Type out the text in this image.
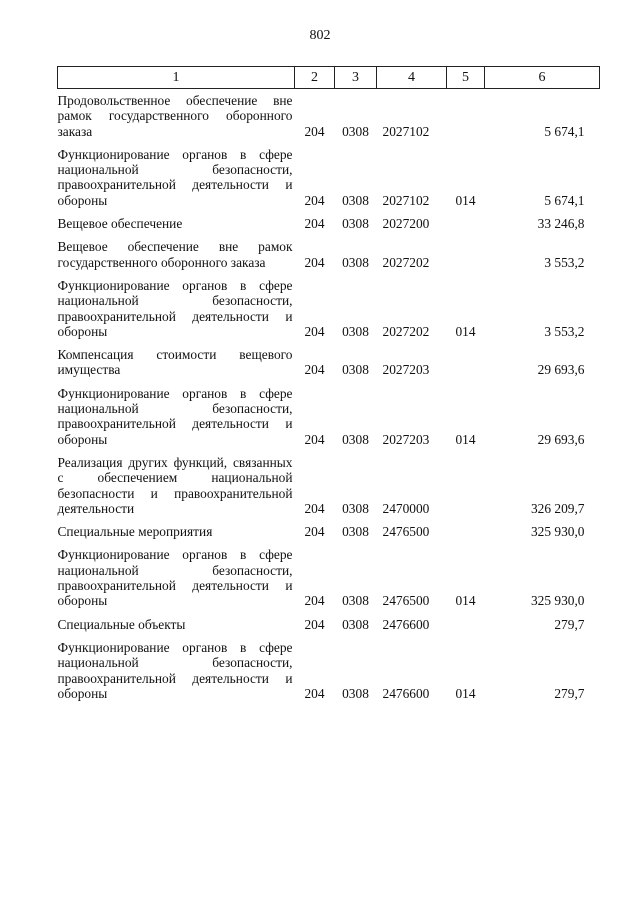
802
1	2	3	4	5	6
Продовольственное обеспечение вне рамок государственного оборонного заказа	204	0308	2027102		5 674,1
Функционирование органов в сфере национальной безопасности, правоохранительной деятельности и обороны	204	0308	2027102	014	5 674,1
Вещевое обеспечение	204	0308	2027200		33 246,8
Вещевое обеспечение вне рамок государственного оборонного заказа	204	0308	2027202		3 553,2
Функционирование органов в сфере национальной безопасности, правоохранительной деятельности и обороны	204	0308	2027202	014	3 553,2
Компенсация стоимости вещевого имущества	204	0308	2027203		29 693,6
Функционирование органов в сфере национальной безопасности, правоохранительной деятельности и обороны	204	0308	2027203	014	29 693,6
Реализация других функций, связанных с обеспечением национальной безопасности и правоохранительной деятельности	204	0308	2470000		326 209,7
Специальные мероприятия	204	0308	2476500		325 930,0
Функционирование органов в сфере национальной безопасности, правоохранительной деятельности и обороны	204	0308	2476500	014	325 930,0
Специальные объекты	204	0308	2476600		279,7
Функционирование органов в сфере национальной безопасности, правоохранительной деятельности и обороны	204	0308	2476600	014	279,7
